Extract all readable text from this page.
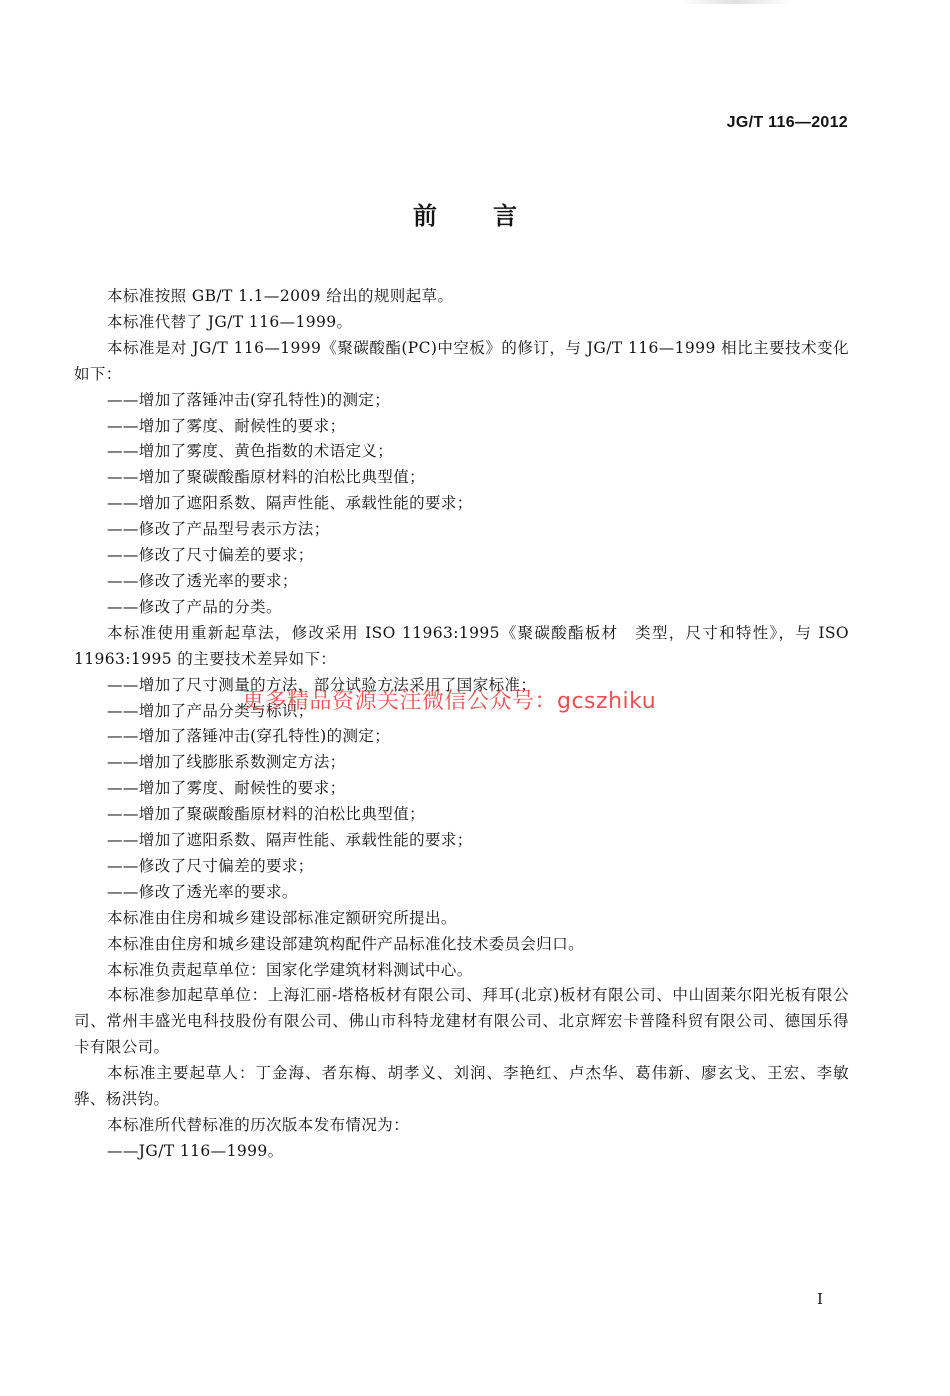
JG/T 116—2012
前言

本标准按照 GB/T 1.1—2009 给出的规则起草。

本标准代替了 JG/T 116—1999。

本标准是对 JG/T 116—1999《聚碳酸酯(PC)中空板》的修订，与 JG/T 116—1999 相比主要技术变化如下：

——增加了落锤冲击(穿孔特性)的测定；

——增加了雾度、耐候性的要求；

——增加了雾度、黄色指数的术语定义；

——增加了聚碳酸酯原材料的泊松比典型值；

——增加了遮阳系数、隔声性能、承载性能的要求；

——修改了产品型号表示方法；

——修改了尺寸偏差的要求；

——修改了透光率的要求；

——修改了产品的分类。

本标准使用重新起草法，修改采用 ISO 11963:1995《聚碳酸酯板材　类型，尺寸和特性》，与 ISO 11963:1995 的主要技术差异如下：

——增加了尺寸测量的方法，部分试验方法采用了国家标准；

——增加了产品分类与标识；

——增加了落锤冲击(穿孔特性)的测定；

——增加了线膨胀系数测定方法；

——增加了雾度、耐候性的要求；

——增加了聚碳酸酯原材料的泊松比典型值；

——增加了遮阳系数、隔声性能、承载性能的要求；

——修改了尺寸偏差的要求；

——修改了透光率的要求。

本标准由住房和城乡建设部标准定额研究所提出。

本标准由住房和城乡建设部建筑构配件产品标准化技术委员会归口。

本标准负责起草单位：国家化学建筑材料测试中心。

本标准参加起草单位：上海汇丽-塔格板材有限公司、拜耳(北京)板材有限公司、中山固莱尔阳光板有限公司、常州丰盛光电科技股份有限公司、佛山市科特龙建材有限公司、北京辉宏卡普隆科贸有限公司、德国乐得卡有限公司。

本标准主要起草人：丁金海、者东梅、胡孝义、刘润、李艳红、卢杰华、葛伟新、廖玄戈、王宏、李敏骅、杨洪钧。

本标准所代替标准的历次版本发布情况为：

——JG/T 116—1999。

更多精品资源关注微信公众号：gcszhiku
I
